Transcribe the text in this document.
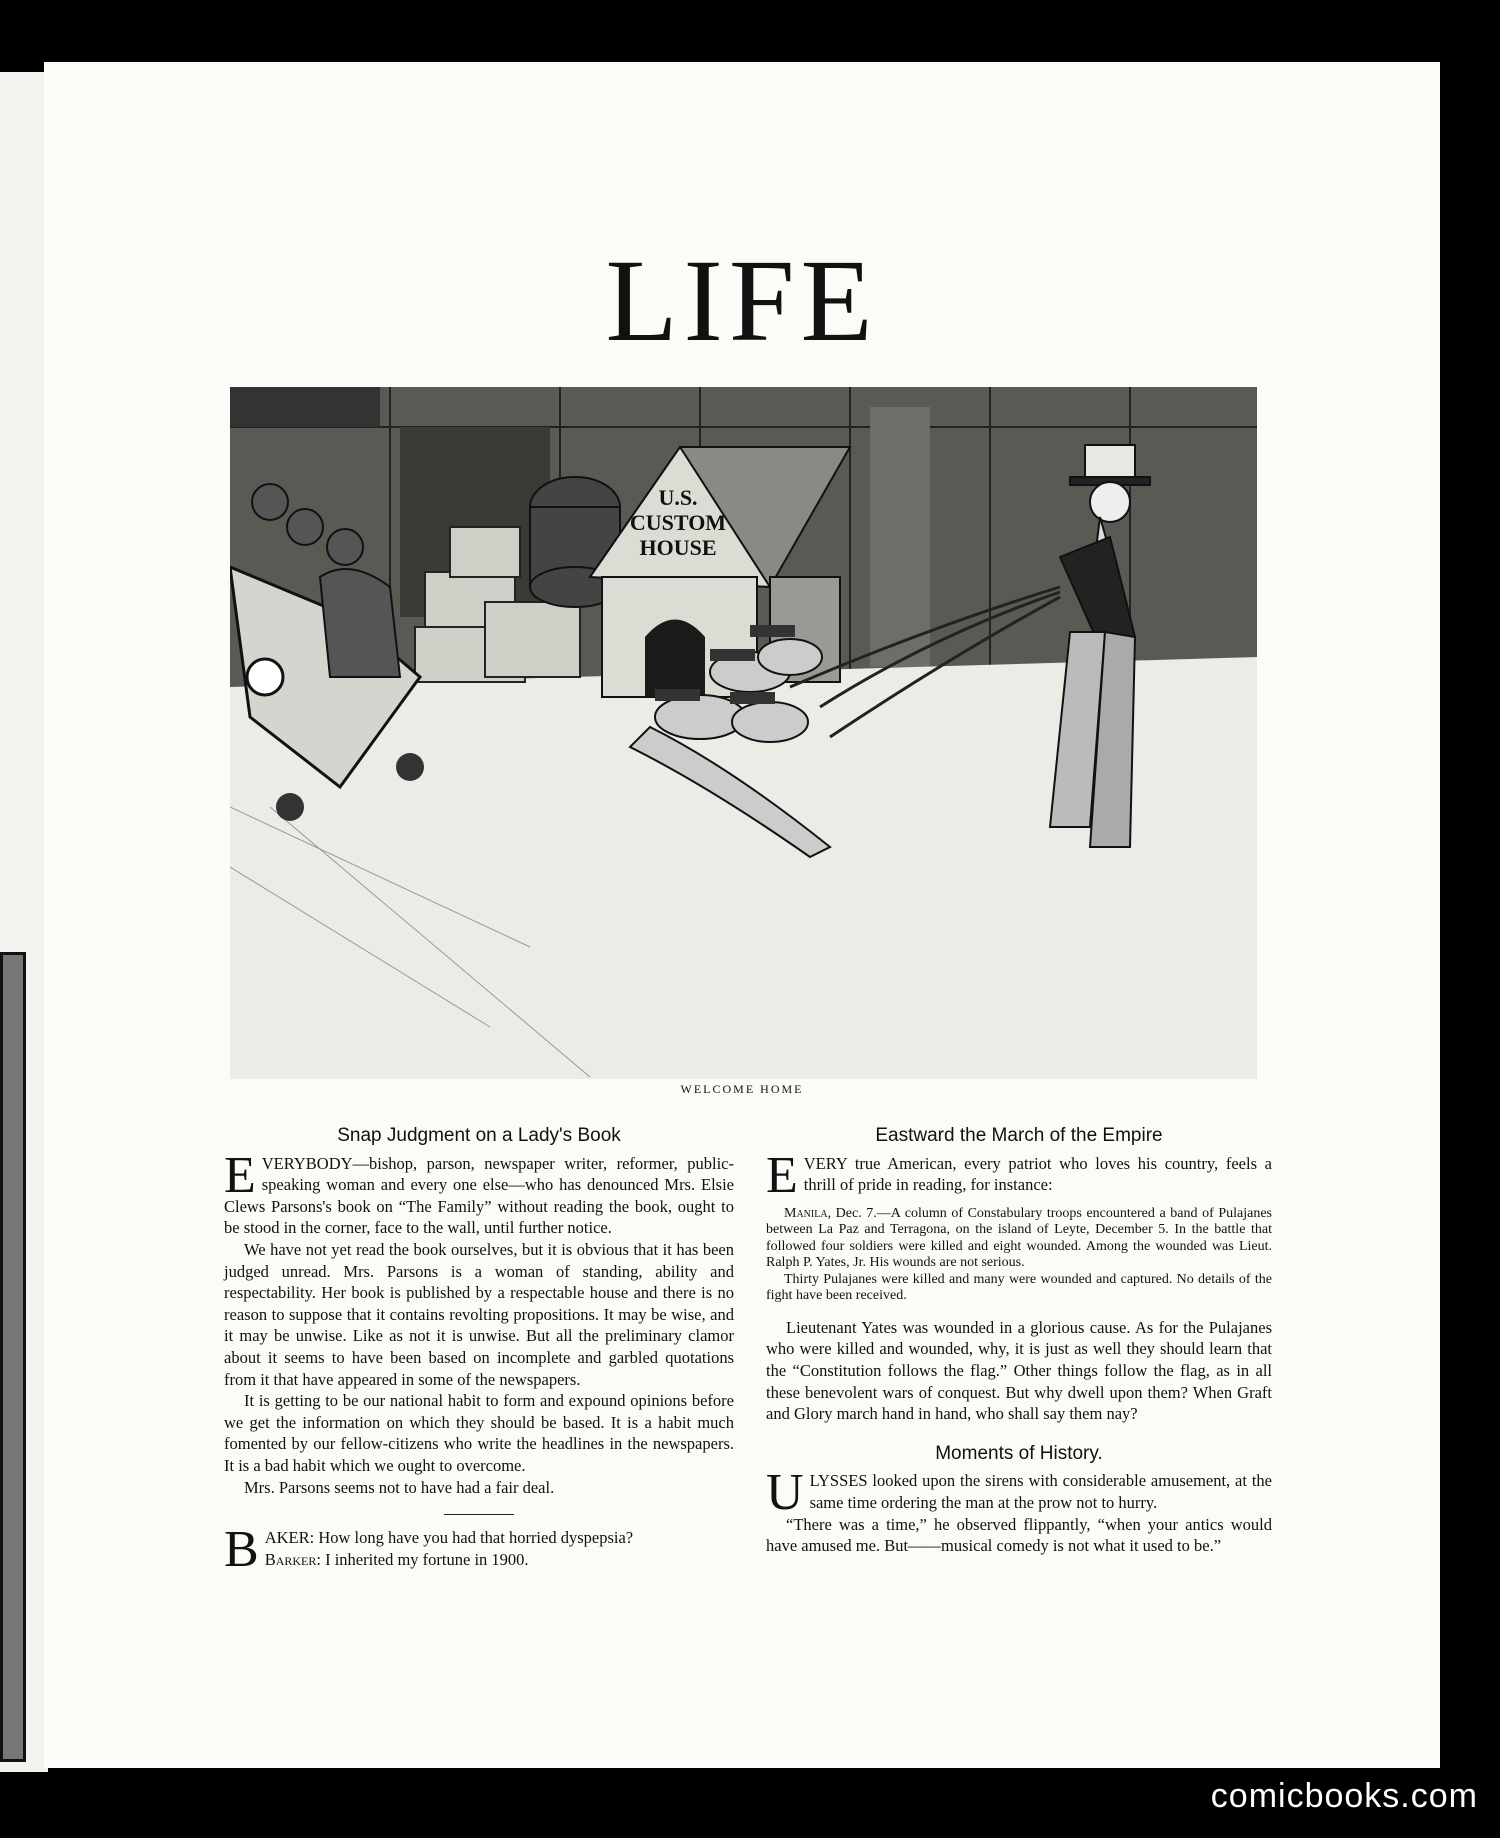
LIFE
U.S.
CUSTOM
HOUSE
WELCOME HOME
Snap Judgment on a Lady's Book

EVERYBODY—bishop, parson, newspaper writer, reformer, public-speaking woman and every one else—who has denounced Mrs. Elsie Clews Parsons's book on “The Family” without reading the book, ought to be stood in the corner, face to the wall, until further notice.

We have not yet read the book ourselves, but it is obvious that it has been judged unread. Mrs. Parsons is a woman of standing, ability and respectability. Her book is published by a respectable house and there is no reason to suppose that it contains revolting propositions. It may be wise, and it may be unwise. Like as not it is unwise. But all the preliminary clamor about it seems to have been based on incomplete and garbled quotations from it that have appeared in some of the newspapers.

It is getting to be our national habit to form and expound opinions before we get the information on which they should be based. It is a habit much fomented by our fellow-citizens who write the headlines in the newspapers. It is a bad habit which we ought to overcome.

Mrs. Parsons seems not to have had a fair deal.

BAKER: How long have you had that horried dyspepsia?
Barker: I inherited my fortune in 1900.

Eastward the March of the Empire

EVERY true American, every patriot who loves his country, feels a thrill of pride in reading, for instance:

Manila, Dec. 7.—A column of Constabulary troops encountered a band of Pulajanes between La Paz and Terragona, on the island of Leyte, December 5. In the battle that followed four soldiers were killed and eight wounded. Among the wounded was Lieut. Ralph P. Yates, Jr. His wounds are not serious.

Thirty Pulajanes were killed and many were wounded and captured. No details of the fight have been received.

Lieutenant Yates was wounded in a glorious cause. As for the Pulajanes who were killed and wounded, why, it is just as well they should learn that the “Constitution follows the flag.” Other things follow the flag, as in all these benevolent wars of conquest. But why dwell upon them? When Graft and Glory march hand in hand, who shall say them nay?

Moments of History.

ULYSSES looked upon the sirens with considerable amusement, at the same time ordering the man at the prow not to hurry.

“There was a time,” he observed flippantly, “when your antics would have amused me. But——musical comedy is not what it used to be.”

comicbooks.com
